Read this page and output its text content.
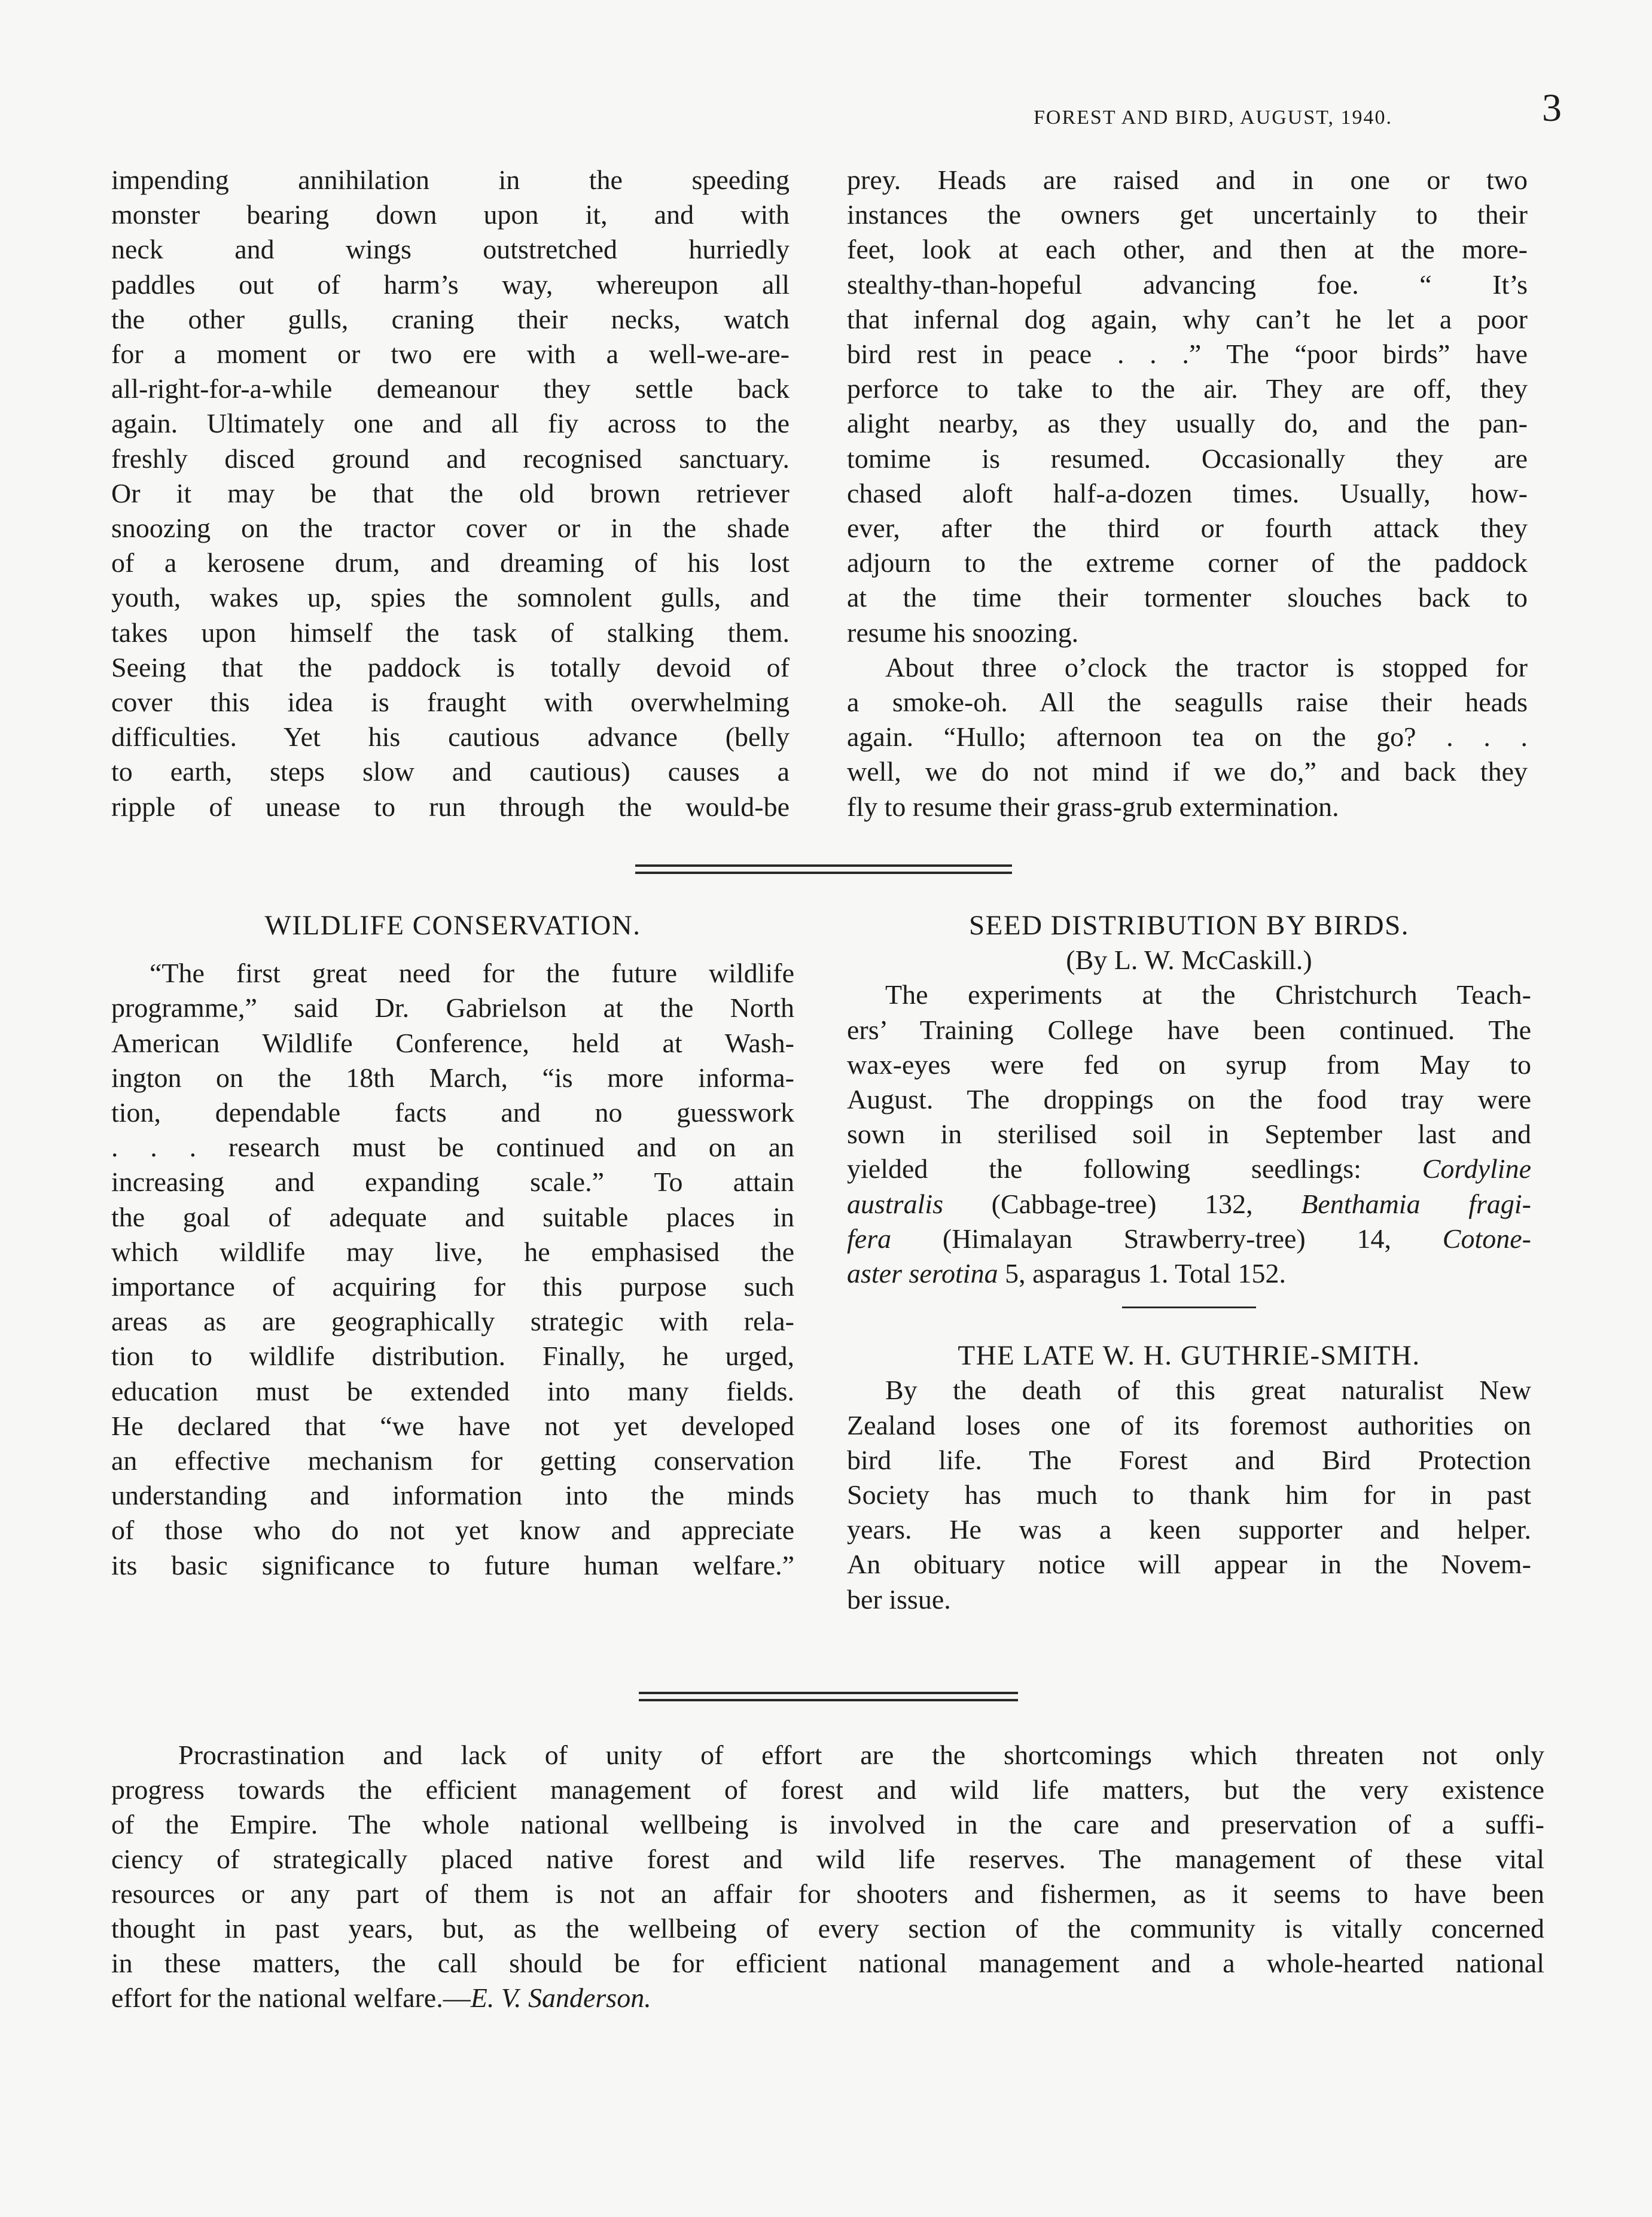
FOREST AND BIRD, AUGUST, 1940.	3
impending annihilation in the speeding
monster bearing down upon it, and with
neck and wings outstretched hurriedly
paddles out of harm’s way, whereupon all
the other gulls, craning their necks, watch
for a moment or two ere with a well-we-are-
all-right-for-a-while demeanour they settle back
again. Ultimately one and all fiy across to the
freshly disced ground and recognised sanctuary.
Or it may be that the old brown retriever
snoozing on the tractor cover or in the shade
of a kerosene drum, and dreaming of his lost
youth, wakes up, spies the somnolent gulls, and
takes upon himself the task of stalking them.
Seeing that the paddock is totally devoid of
cover this idea is fraught with overwhelming
difficulties. Yet his cautious advance (belly
to earth, steps slow and cautious) causes a
ripple of unease to run through the would-be
prey. Heads are raised and in one or two
instances the owners get uncertainly to their
feet, look at each other, and then at the more-
stealthy-than-hopeful advancing foe. “ It’s
that infernal dog again, why can’t he let a poor
bird rest in peace . . .” The “poor birds” have
perforce to take to the air. They are off, they
alight nearby, as they usually do, and the pan-
tomime is resumed. Occasionally they are
chased aloft half-a-dozen times. Usually, how-
ever, after the third or fourth attack they
adjourn to the extreme corner of the paddock
at the time their tormenter slouches back to
resume his snoozing.
About three o’clock the tractor is stopped for
a smoke-oh. All the seagulls raise their heads
again. “Hullo; afternoon tea on the go? . . .
well, we do not mind if we do,” and back they
fly to resume their grass-grub extermination.
WILDLIFE CONSERVATION.
“The first great need for the future wildlife
programme,” said Dr. Gabrielson at the North
American Wildlife Conference, held at Wash-
ington on the 18th March, “is more informa-
tion, dependable facts and no guesswork
. . . research must be continued and on an
increasing and expanding scale.” To attain
the goal of adequate and suitable places in
which wildlife may live, he emphasised the
importance of acquiring for this purpose such
areas as are geographically strategic with rela-
tion to wildlife distribution. Finally, he urged,
education must be extended into many fields.
He declared that “we have not yet developed
an effective mechanism for getting conservation
understanding and information into the minds
of those who do not yet know and appreciate
its basic significance to future human welfare.”
SEED DISTRIBUTION BY BIRDS.
(By L. W. McCaskill.)
The experiments at the Christchurch Teach-
ers’ Training College have been continued. The
wax-eyes were fed on syrup from May to
August. The droppings on the food tray were
sown in sterilised soil in September last and
yielded the following seedlings: Cordyline
australis (Cabbage-tree) 132, Benthamia fragi-
fera (Himalayan Strawberry-tree) 14, Cotone-
aster serotina 5, asparagus 1. Total 152.
THE LATE W. H. GUTHRIE-SMITH.
By the death of this great naturalist New
Zealand loses one of its foremost authorities on
bird life. The Forest and Bird Protection
Society has much to thank him for in past
years. He was a keen supporter and helper.
An obituary notice will appear in the Novem-
ber issue.
Procrastination and lack of unity of effort are the shortcomings which threaten not only
progress towards the efficient management of forest and wild life matters, but the very existence
of the Empire. The whole national wellbeing is involved in the care and preservation of a suffi-
ciency of strategically placed native forest and wild life reserves. The management of these vital
resources or any part of them is not an affair for shooters and fishermen, as it seems to have been
thought in past years, but, as the wellbeing of every section of the community is vitally concerned
in these matters, the call should be for efficient national management and a whole-hearted national
effort for the national welfare.—E. V. Sanderson.
